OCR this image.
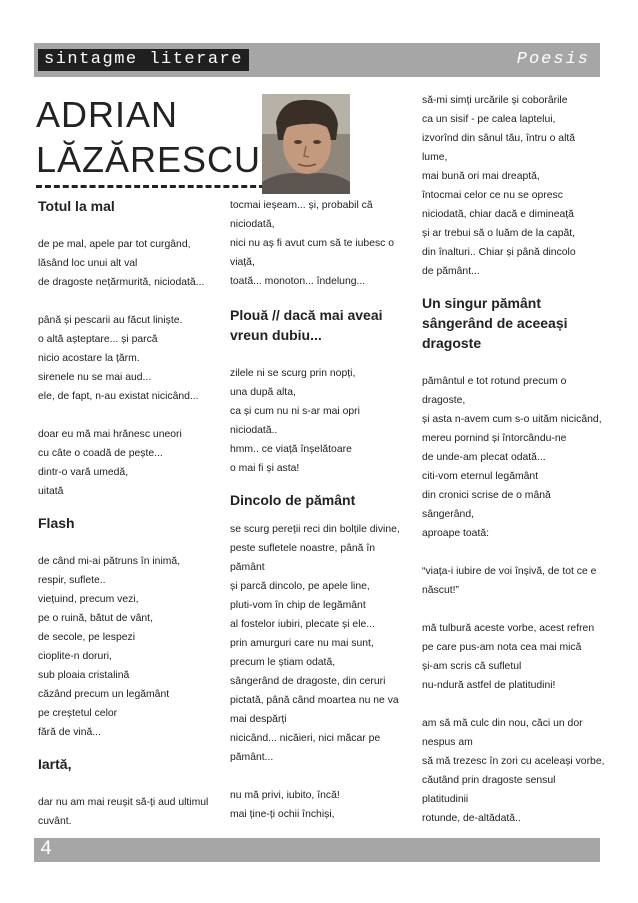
sintagme literare	Poesis
ADRIAN
LĂZĂRESCU
Totul la mal
de pe mal, apele par tot curgând,
lăsând loc unui alt val
de dragoste nețărmurită, niciodată...
până și pescarii au făcut liniște.
o altă așteptare... și parcă
nicio acostare la țărm.
sirenele nu se mai aud...
ele, de fapt, n-au existat nicicând...
doar eu mă mai hrănesc uneori
cu câte o coadă de pește...
dintr-o vară umedă,
uitată
Flash
de când mi-ai pătruns în inimă,
respir, suflete..
viețuind, precum vezi,
pe o ruină, bătut de vânt,
de secole, pe lespezi
cioplite-n doruri,
sub ploaia cristalină
căzând precum un legământ
pe creștetul celor
fără de vină...
Iartă,
dar nu am mai reușit să-ți aud ultimul
cuvânt.
tocmai ieșeam... și, probabil că
niciodată,
nici nu aș fi avut cum să te iubesc o
viață,
toată... monoton... îndelung...
Plouă // dacă mai aveai
vreun dubiu...
zilele ni se scurg prin nopți,
una după alta,
ca și cum nu ni s-ar mai opri
niciodată..
hmm.. ce viață înșelătoare
o mai fi și asta!
Dincolo de pământ
se scurg pereții reci din bolțile divine,
peste sufletele noastre, până în
pământ
și parcă dincolo, pe apele line,
pluti-vom în chip de legământ
al fostelor iubiri, plecate și ele...
prin amurguri care nu mai sunt,
precum le știam odată,
sângerând de dragoste, din ceruri
pictată, până când moartea nu ne va
mai despărți
nicicând... nicăieri, nici măcar pe
pământ...
nu mă privi, iubito, încă!
mai ține-ți ochii închiși,
să-mi simți urcările și coborârile
ca un sisif - pe calea laptelui,
izvorînd din sânul tău, întru o altă
lume,
mai bună ori mai dreaptă,
întocmai celor ce nu se opresc
niciodată, chiar dacă e dimineață
și ar trebui să o luăm de la capăt,
din înalturi.. Chiar și până dincolo
de pământ...
Un singur pământ
sângerând de aceeași
dragoste
pământul e tot rotund precum o
dragoste,
și asta n-avem cum s-o uităm nicicând,
mereu pornind și întorcându-ne
de unde-am plecat odată...
citi-vom eternul legământ
din cronici scrise de o mână
sângerând,
aproape toată:
“viața-i iubire de voi înșivă, de tot ce e
născut!”
mă tulbură aceste vorbe, acest refren
pe care pus-am nota cea mai mică
și-am scris că sufletul
nu-ndură astfel de platitudini!
am să mă culc din nou, căci un dor
nespus am
să mă trezesc în zori cu aceleași vorbe,
căutând prin dragoste sensul
platitudinii
rotunde, de-altădată..
4
